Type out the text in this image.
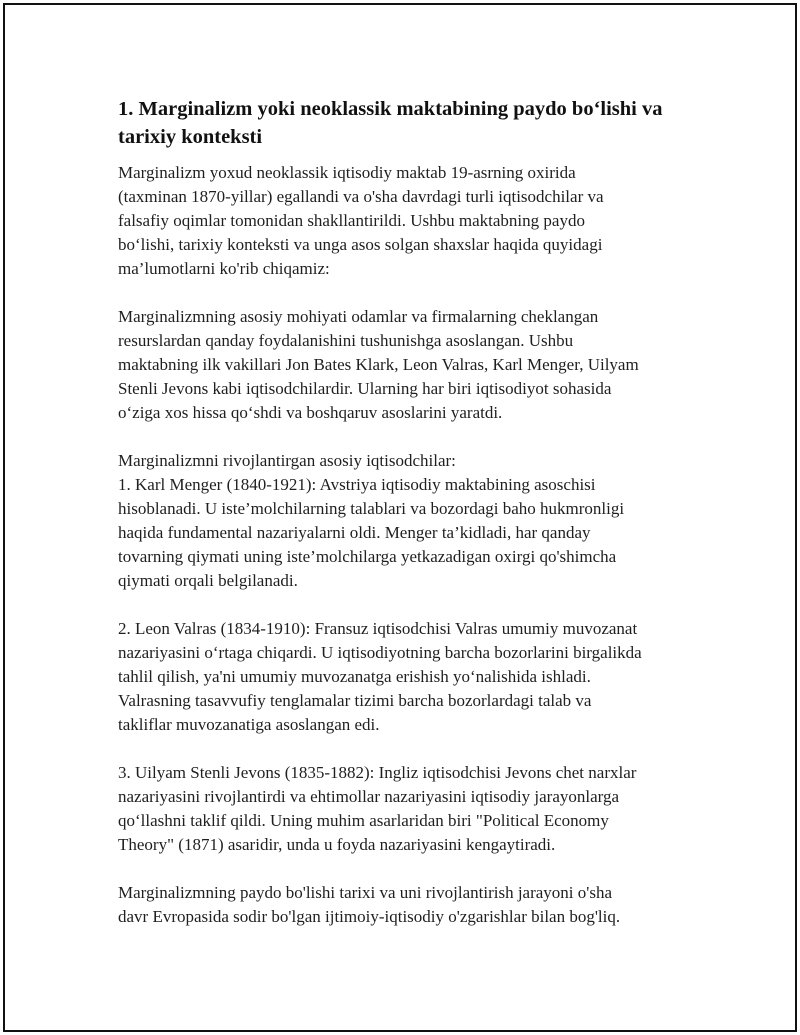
1. Marginalizm yoki neoklassik maktabining paydo bo‘lishi va
tarixiy konteksti

Marginalizm yoxud neoklassik iqtisodiy maktab 19-asrning oxirida
(taxminan 1870-yillar) egallandi va o'sha davrdagi turli iqtisodchilar va
falsafiy oqimlar tomonidan shakllantirildi. Ushbu maktabning paydo
bo‘lishi, tarixiy konteksti va unga asos solgan shaxslar haqida quyidagi
ma’lumotlarni ko'rib chiqamiz:

Marginalizmning asosiy mohiyati odamlar va firmalarning cheklangan
resurslardan qanday foydalanishini tushunishga asoslangan. Ushbu
maktabning ilk vakillari Jon Bates Klark, Leon Valras, Karl Menger, Uilyam
Stenli Jevons kabi iqtisodchilardir. Ularning har biri iqtisodiyot sohasida
o‘ziga xos hissa qo‘shdi va boshqaruv asoslarini yaratdi.

Marginalizmni rivojlantirgan asosiy iqtisodchilar:
1. Karl Menger (1840-1921): Avstriya iqtisodiy maktabining asoschisi
hisoblanadi. U iste’molchilarning talablari va bozordagi baho hukmronligi
haqida fundamental nazariyalarni oldi. Menger ta’kidladi, har qanday
tovarning qiymati uning iste’molchilarga yetkazadigan oxirgi qo'shimcha
qiymati orqali belgilanadi.

2. Leon Valras (1834-1910): Fransuz iqtisodchisi Valras umumiy muvozanat
nazariyasini o‘rtaga chiqardi. U iqtisodiyotning barcha bozorlarini birgalikda
tahlil qilish, ya'ni umumiy muvozanatga erishish yo‘nalishida ishladi.
Valrasning tasavvufiy tenglamalar tizimi barcha bozorlardagi talab va
takliflar muvozanatiga asoslangan edi.

3. Uilyam Stenli Jevons (1835-1882): Ingliz iqtisodchisi Jevons chet narxlar
nazariyasini rivojlantirdi va ehtimollar nazariyasini iqtisodiy jarayonlarga
qo‘llashni taklif qildi. Uning muhim asarlaridan biri "Political Economy
Theory" (1871) asaridir, unda u foyda nazariyasini kengaytiradi.

Marginalizmning paydo bo'lishi tarixi va uni rivojlantirish jarayoni o'sha
davr Evropasida sodir bo'lgan ijtimoiy-iqtisodiy o'zgarishlar bilan bog'liq.
